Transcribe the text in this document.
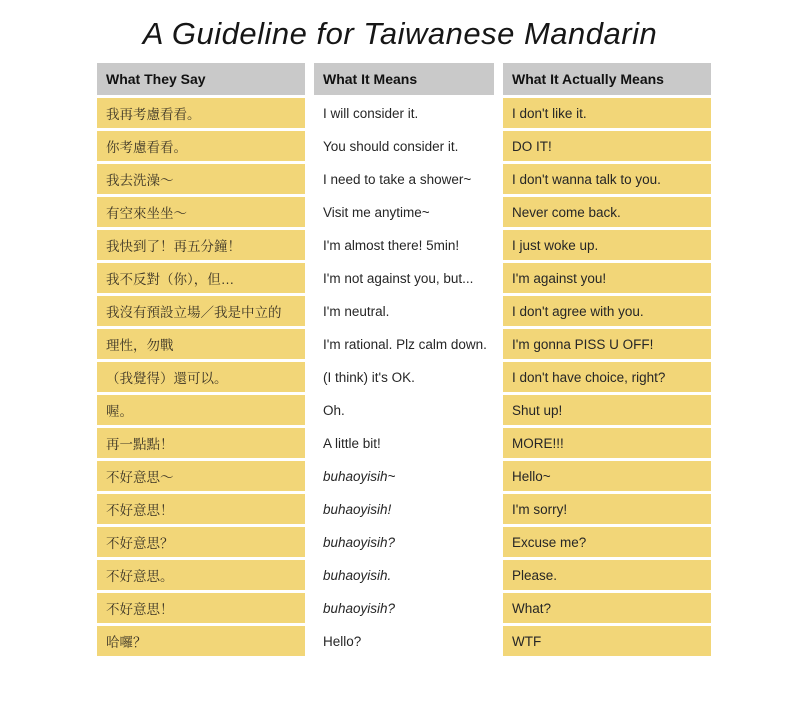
A Guideline for Taiwanese Mandarin
What They Say	What It Means	What It Actually Means
我再考慮看看。	I will consider it.	I don't like it.
你考慮看看。	You should consider it.	DO IT!
我去洗澡～	I need to take a shower~	I don't wanna talk to you.
有空來坐坐～	Visit me anytime~	Never come back.
我快到了！再五分鐘！	I'm almost there! 5min!	I just woke up.
我不反對（你），但…	I'm not against you, but...	I'm against you!
我沒有預設立場／我是中立的	I'm neutral.	I don't agree with you.
理性，勿戰	I'm rational. Plz calm down.	I'm gonna PISS U OFF!
（我覺得）還可以。	(I think) it's OK.	I don't have choice, right?
喔。	Oh.	Shut up!
再一點點！	A little bit!	MORE!!!
不好意思～	buhaoyisih~	Hello~
不好意思！	buhaoyisih!	I'm sorry!
不好意思？	buhaoyisih?	Excuse me?
不好意思。	buhaoyisih.	Please.
不好意思！	buhaoyisih?	What?
哈囉？	Hello?	WTF
